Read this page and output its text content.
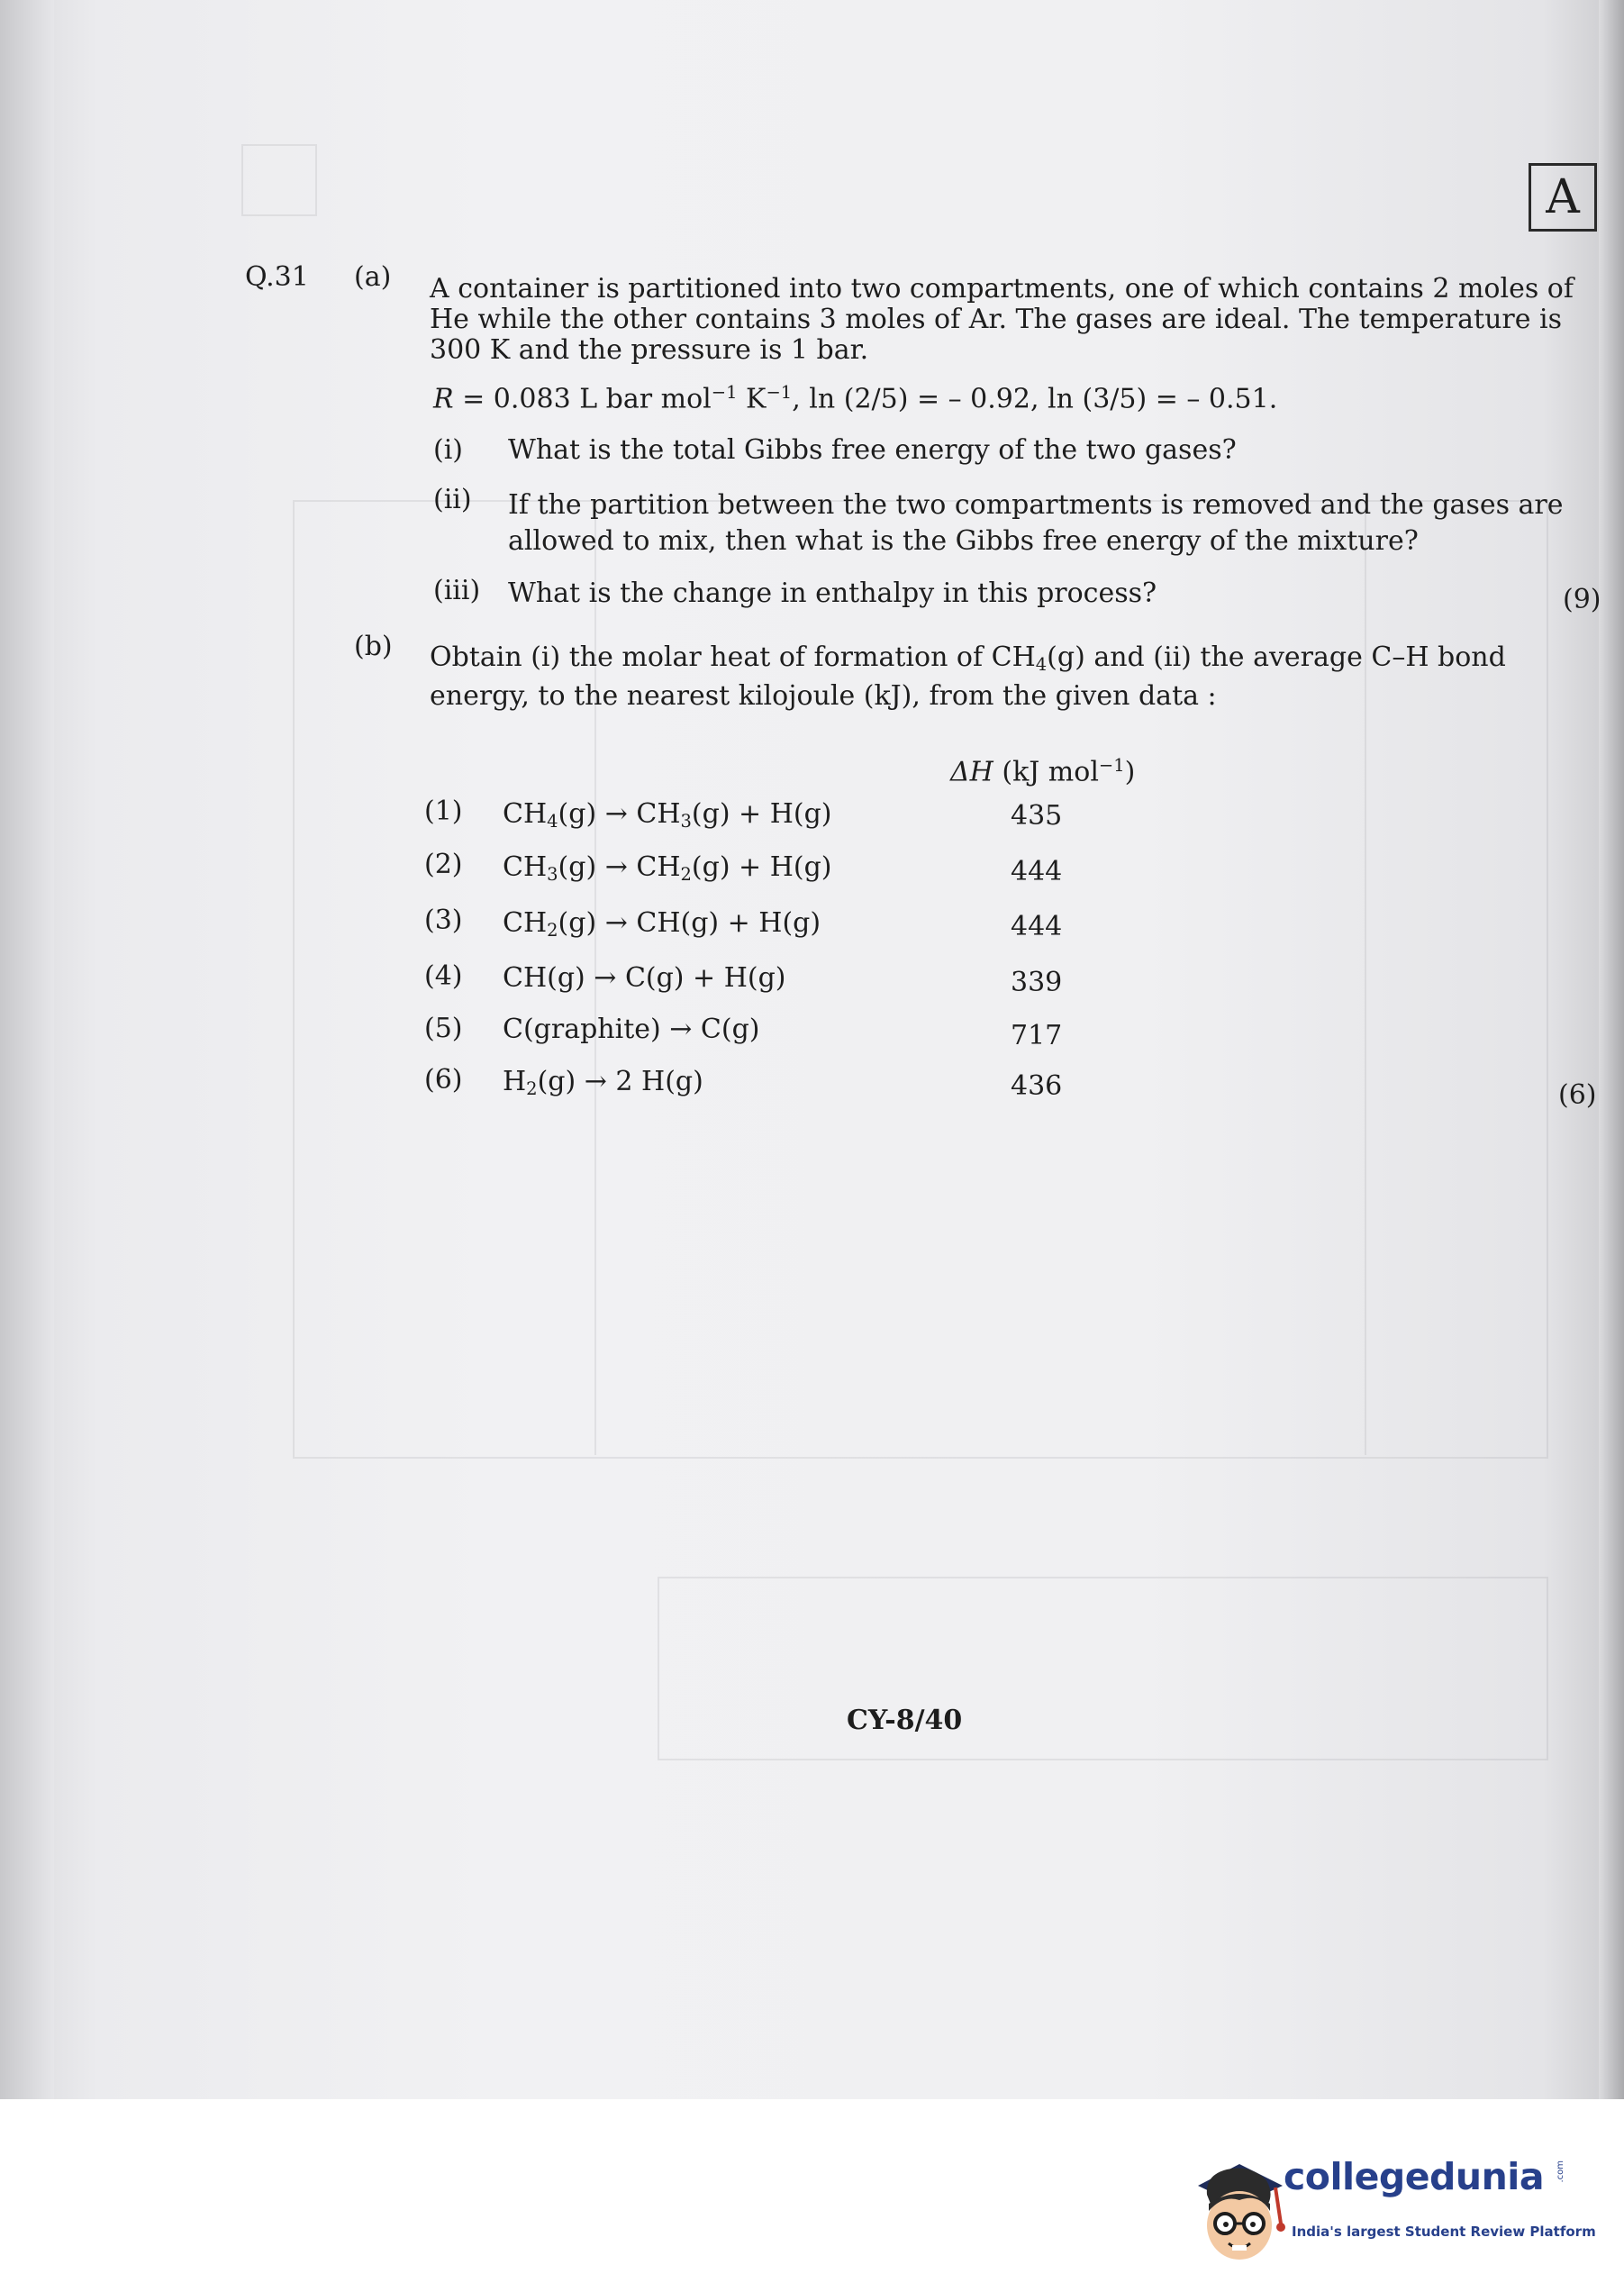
A
Q.31 (a) A container is partitioned into two compartments, one of which contains 2 moles of
He while the other contains 3 moles of Ar. The gases are ideal. The temperature is
300 K and the pressure is 1 bar.
R = 0.083 L bar mol$^{-1}$ $K^{-1}$, ln (2/5) = – 0.92, ln (3/5) = – 0.51.
(i) What is the total Gibbs free energy of the two gases?
(ii) If the partition between the two compartments is removed and the gases are
allowed to mix, then what is the Gibbs free energy of the mixture?
(iii) What is the change in enthalpy in this process?	(9)
(b) Obtain (i) the molar heat of formation of $CH_4(g)$ and (ii) the average C–H bond
energy, to the nearest kilojoule (kJ), from the given data :
ΔH (kJ mol$^{-1}$)
(1) $CH_4(g) \to CH_3(g) + H(g)$	435
(2) $CH_3(g) \to CH_2(g) + H(g)$	444
(3) $CH_2(g) \to CH(g) + H(g)$	444
(4) CH(g) → C(g) + H(g)	339
(5) C(graphite) → C(g)	717
(6) $H_2(g) \to 2$ H(g)	436	(6)
CY-8/40
collegedunia .com
India's largest Student Review Platform
